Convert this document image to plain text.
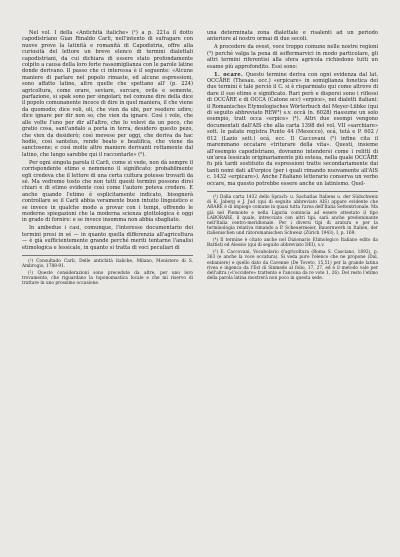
Nel vol. I della «Antichità italiche» (¹) a p. 221a il dotto capodistriano Gian Rinaldo Carli, nell'intento di sufragare con nuove prove la latinità e romanità di Capodistria, offre alla curiosità del lettore un breve elenco di termini dialettali capodistriani, da cui dichiara di essere stato profondamente colpito a causa della loro forte rassomiglianza con le parole latine donde derivano. Il passo che ci interessa è il seguente: «Alcune maniere di parlare nel popolo rimaste, ed alcune espressioni, sono affatto latine, altre quelle che spettano all' (p. 224) agricoltura, come orare, seviare, surcare, ovile e semente, parfazione, si spak sono per singolari; nel comune dire della dice il popolo comunanente incece di dire in quel maniera, il che viene da quomodo; dice voli, oli, che vien da ubi, per veedere udire; dice ignare per dir non so, che vien da ignare. Così i vole, che alle volte l'uno per dir all'altro, che lo volevi da un poco, che gratio cosa, sant'andalo a porta in terra, desidero questo pezo, che vien da desiderò; così mevese per oggi, che deriva da hac hodie, così santelus, rende beato e beatifica, che viene da sanctosene; e così molte altre maniere derivanti rettamente dal latino, che lungo sarebbe qui il raccontarle» (²).

Per ogni singola parola il Carli, come si vede, non dà sempre il corrispondente etimo e nemmeno il significato; probabilmente egli credeva che il lettore di una certa cultura potesse trovarli da sé. Ma vedremo tosto che non tutti questi termini possono dirsi chiari e di etimo evidente così come l'autore poteva credere. E anche quando l'etimo è esplicitamente indicato, bisognerà controllare se il Carli abbia veramente buon intuito linguistico e se invece in qualche modo a provar con i tempi, offrendo le moderne spiegazioni che la moderna scienza glottologica è oggi in grado di fornire: e se invece insomma non abbia sbagliato.

In ambedue i casi, comunque, l'interesse documentario dei termini presi in sé — in quanto quella differenzia all'agricoltura — è già sufficientemente grande perché meriti tentarne l'analisi etimologica e lessicale, in quanto si tratta di voci peculiari di

(¹) Consultado Carli, Delle antichità italiche, Milano, Monistero di S. Ambrogio, 1788-91.

(²) Queste considerazioni sono precedute da altre, per uno loro trovamento, che riguardano la toponomastica locale e che mi riservo di trattare in uno prossimo occasione.

una determinata zona dialettale e risalenti ad un periodo anteriore al nostro ormai di due secoli.

A procedere da ovest, voce troppo comune nelle nostre regioni (³) perché valga la pena di soffermarvici in modo particolare, gli altri termini riferentisi alla sfera agricola richiedono tutti un esame più approfondito. Essi sono:

1. ocare. Questo termine deriva con ogni evidenza dal lat. OCCĀRE (Thesau. occ.) «erpicare» in somiglianza fonetica dei due termini è tale perciò il C. si è risparmiato qui come altrove di dare il suo etimo e significato. Rari però e dispersi sono i riflessi di OCCĀRE e di OCCA (Catone occ) «erpice», nei dialetti italiani: il Romanisches Etymologisches Wörterbuch del Meyer-Lübke (qui di seguito abbreviato REW³) s.v. occā (n. 6028) riassume un solo esempio, tratt occa «erpice» (⁴). Altri due esempi vengono documentati dall'AIS che alla carta 1398 del vol. VII «sarchiare» sott. le patate registra Punto 44 (Mesocco), ocá, tetá e P. 602 / 612 (Lazio sett.) ocá, ecc. Il Caccovani (⁵) infine cita il maremmano occatare «triturare della vita». Questi, insieme all'esempio capodistriano, dovranno intendersi come i relitti di un'area lessicale originariamente più estesa, nella quale OCCĀRE fu più tardi sostituito da espressioni tratte secondariamente dai tanti nomi dati all'erpice (per i quali rimando nuovamente all'AIS c. 1432 «erpicare»). Anche l'italiano letterario conserva un verbo occare, ma questo potrebbe essere anche un latinismo. Quel-

(³) Dalla carta 1432 dello Sprach- u. Sachatlas Italiens u. der Südschweiz di K. Jaberg e J. Jud (qui di seguito abbreviato AIS) appare evidente che ARARE è di impiego comune in quasi tutta l'area dell'Italia Settentrionale. Ma già nel Piemonte e nella Liguria comincia ad essere attestato il tipo LABORARE, il quale, intrecciato con altri tipi, sarà anche predominante nell'Italia centro-meridionale. Per i diversi tipi di aratura e per la terminologia relativa rimando a P. Scheuermeier, Bauernwerk in Italien, der italienischen und rätoromanischen Schweiz (Zürich 1943), I, p. 169.

(⁴) Il termine è citato anche nel Dizionario Etimologico Italiano edito da Battisti ed Alessio (qui di seguito abbreviato DEI), s.v.

(⁵) E. Caccovani, Vocabolario d'agricoltura (Roma S. Casciano, 1892), p. 363 (e anche la voce occatura). Si veda pure l'elenco che ne propone (Dal, esbaniere) e quello dato da Cavenne (De Toveto, 15,51) per la grande latina rivea e ingenca da l'Est di Sinmedo al folio, 17, 27, ed è il metodo vale per dell'altra («l'occidere» trattento e l'ancona da re vote 1, 26). Del resto l'etimo della parola latina mostrerà non poco in questa sede.
